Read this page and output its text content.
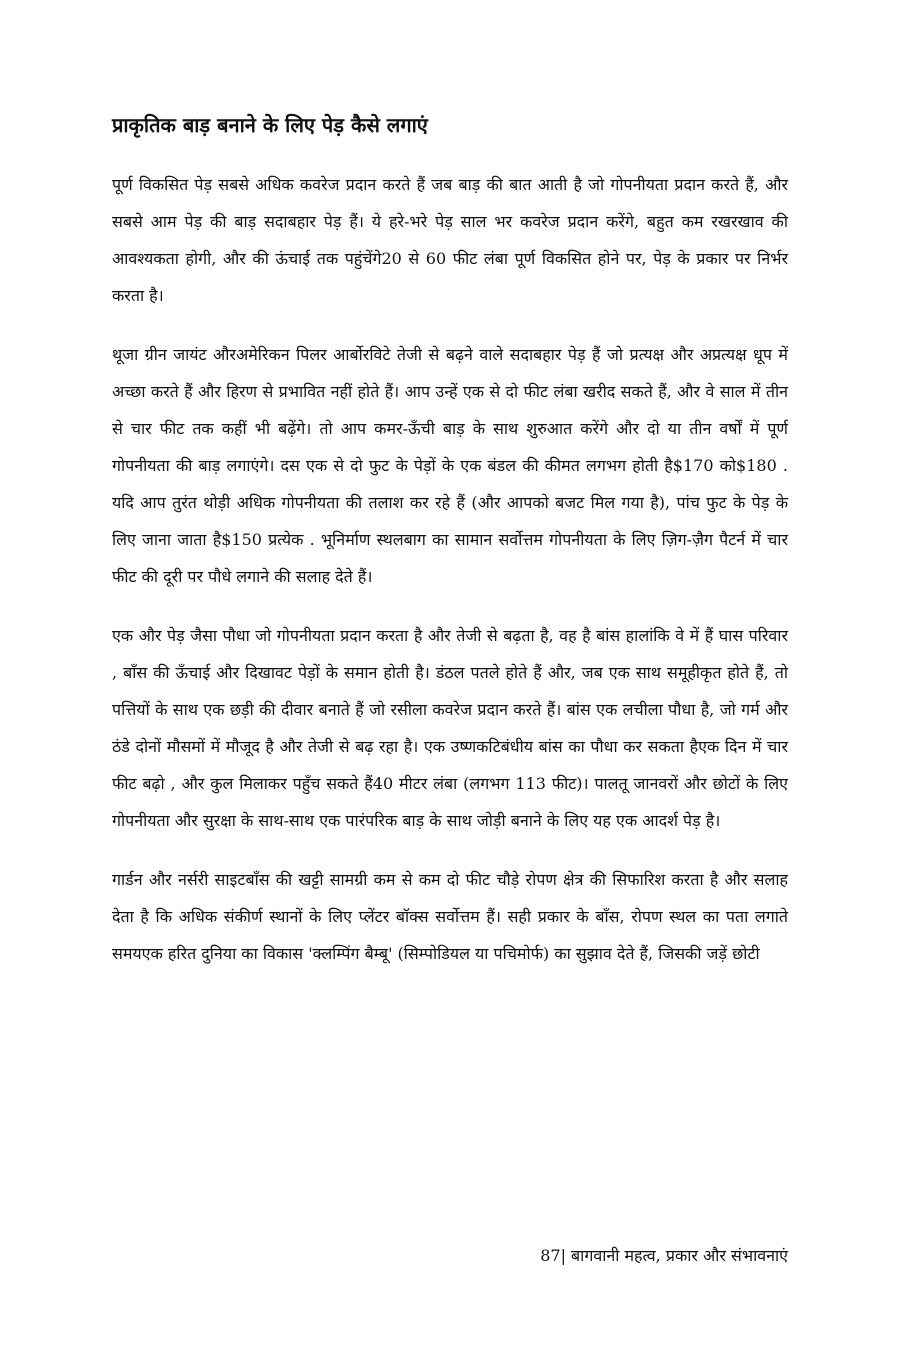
प्राकृतिक बाड़ बनाने के लिए पेड़ कैसे लगाएं

पूर्ण विकसित पेड़ सबसे अधिक कवरेज प्रदान करते हैं जब बाड़ की बात आती है जो गोपनीयता प्रदान करते हैं, और सबसे आम पेड़ की बाड़ सदाबहार पेड़ हैं। ये हरे-भरे पेड़ साल भर कवरेज प्रदान करेंगे, बहुत कम रखरखाव की आवश्यकता होगी, और की ऊंचाई तक पहुंचेंगे20 से 60 फीट लंबा पूर्ण विकसित होने पर, पेड़ के प्रकार पर निर्भर करता है।

थूजा ग्रीन जायंट औरअमेरिकन पिलर आर्बोरविटे तेजी से बढ़ने वाले सदाबहार पेड़ हैं जो प्रत्यक्ष और अप्रत्यक्ष धूप में अच्छा करते हैं और हिरण से प्रभावित नहीं होते हैं। आप उन्हें एक से दो फीट लंबा खरीद सकते हैं, और वे साल में तीन से चार फीट तक कहीं भी बढ़ेंगे। तो आप कमर-ऊँची बाड़ के साथ शुरुआत करेंगे और दो या तीन वर्षों में पूर्ण गोपनीयता की बाड़ लगाएंगे। दस एक से दो फुट के पेड़ों के एक बंडल की कीमत लगभग होती है$170 को$180 . यदि आप तुरंत थोड़ी अधिक गोपनीयता की तलाश कर रहे हैं (और आपको बजट मिल गया है), पांच फुट के पेड़ के लिए जाना जाता है$150 प्रत्येक . भूनिर्माण स्थलबाग का सामान सर्वोत्तम गोपनीयता के लिए ज़िग-ज़ैग पैटर्न में चार फीट की दूरी पर पौधे लगाने की सलाह देते हैं।

एक और पेड़ जैसा पौधा जो गोपनीयता प्रदान करता है और तेजी से बढ़ता है, वह है बांस हालांकि वे में हैं घास परिवार , बाँस की ऊँचाई और दिखावट पेड़ों के समान होती है। डंठल पतले होते हैं और, जब एक साथ समूहीकृत होते हैं, तो पत्तियों के साथ एक छड़ी की दीवार बनाते हैं जो रसीला कवरेज प्रदान करते हैं। बांस एक लचीला पौधा है, जो गर्म और ठंडे दोनों मौसमों में मौजूद है और तेजी से बढ़ रहा है। एक उष्णकटिबंधीय बांस का पौधा कर सकता हैएक दिन में चार फीट बढ़ो , और कुल मिलाकर पहुँच सकते हैं40 मीटर लंबा (लगभग 113 फीट)। पालतू जानवरों और छोटों के लिए गोपनीयता और सुरक्षा के साथ-साथ एक पारंपरिक बाड़ के साथ जोड़ी बनाने के लिए यह एक आदर्श पेड़ है।

गार्डन और नर्सरी साइटबाँस की खट्टी सामग्री कम से कम दो फीट चौड़े रोपण क्षेत्र की सिफारिश करता है और सलाह देता है कि अधिक संकीर्ण स्थानों के लिए प्लेंटर बॉक्स सर्वोत्तम हैं। सही प्रकार के बाँस, रोपण स्थल का पता लगाते समयएक हरित दुनिया का विकास 'क्लम्पिंग बैम्बू' (सिम्पोडियल या पचिमोर्फ) का सुझाव देते हैं, जिसकी जड़ें छोटी

87| बागवानी महत्व, प्रकार और संभावनाएं
